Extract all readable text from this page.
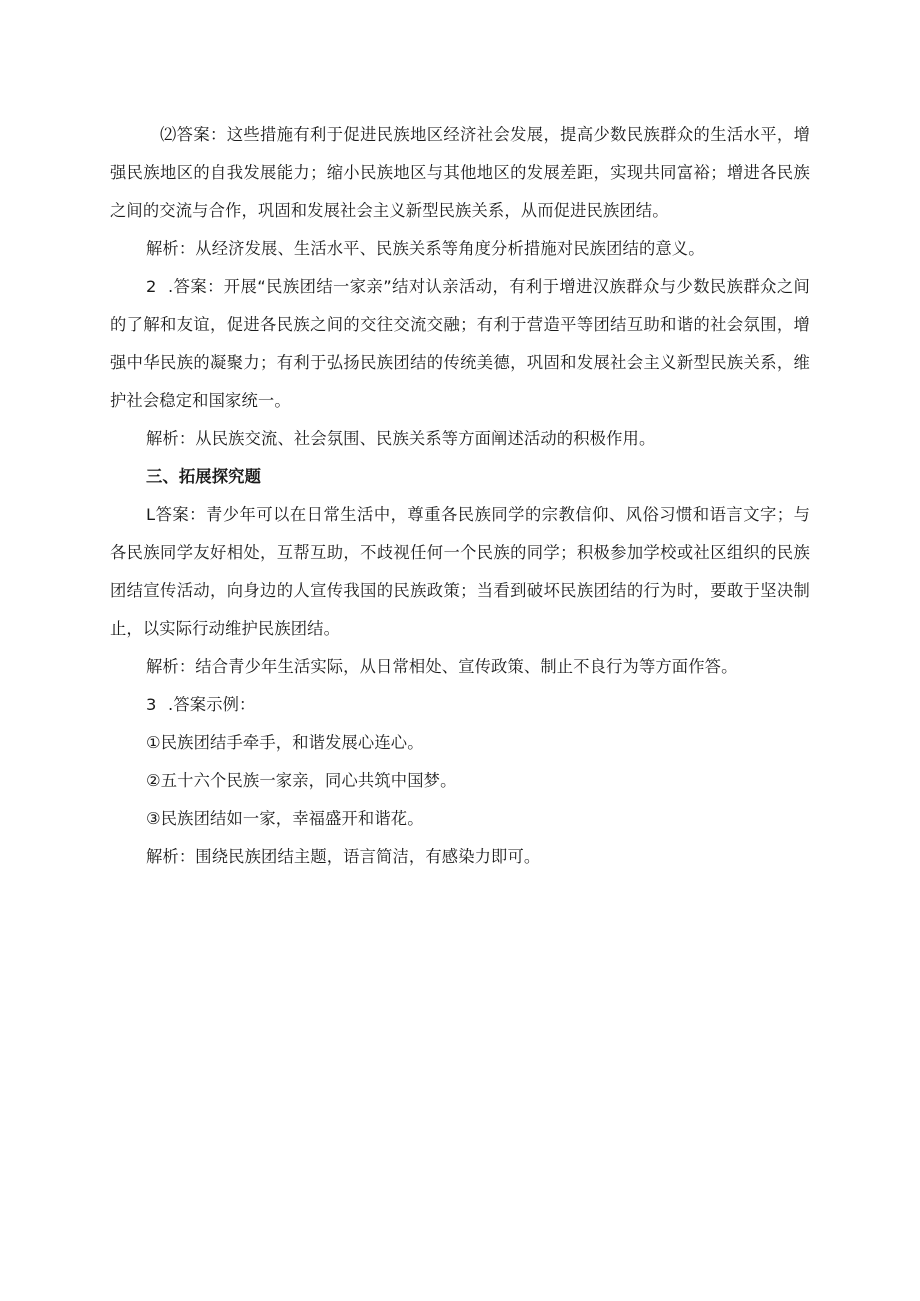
⑵答案：这些措施有利于促进民族地区经济社会发展，提高少数民族群众的生活水平，增强民族地区的自我发展能力；缩小民族地区与其他地区的发展差距，实现共同富裕；增进各民族之间的交流与合作，巩固和发展社会主义新型民族关系，从而促进民族团结。

解析：从经济发展、生活水平、民族关系等角度分析措施对民族团结的意义。

2 .答案：开展“民族团结一家亲”结对认亲活动，有利于增进汉族群众与少数民族群众之间的了解和友谊，促进各民族之间的交往交流交融；有利于营造平等团结互助和谐的社会氛围，增强中华民族的凝聚力；有利于弘扬民族团结的传统美德，巩固和发展社会主义新型民族关系，维护社会稳定和国家统一。

解析：从民族交流、社会氛围、民族关系等方面阐述活动的积极作用。

三、拓展探究题

L答案：青少年可以在日常生活中，尊重各民族同学的宗教信仰、风俗习惯和语言文字；与各民族同学友好相处，互帮互助，不歧视任何一个民族的同学；积极参加学校或社区组织的民族团结宣传活动，向身边的人宣传我国的民族政策；当看到破坏民族团结的行为时，要敢于坚决制止，以实际行动维护民族团结。

解析：结合青少年生活实际，从日常相处、宣传政策、制止不良行为等方面作答。

3 .答案示例：

①民族团结手牵手，和谐发展心连心。

②五十六个民族一家亲，同心共筑中国梦。

③民族团结如一家，幸福盛开和谐花。

解析：围绕民族团结主题，语言简洁，有感染力即可。
